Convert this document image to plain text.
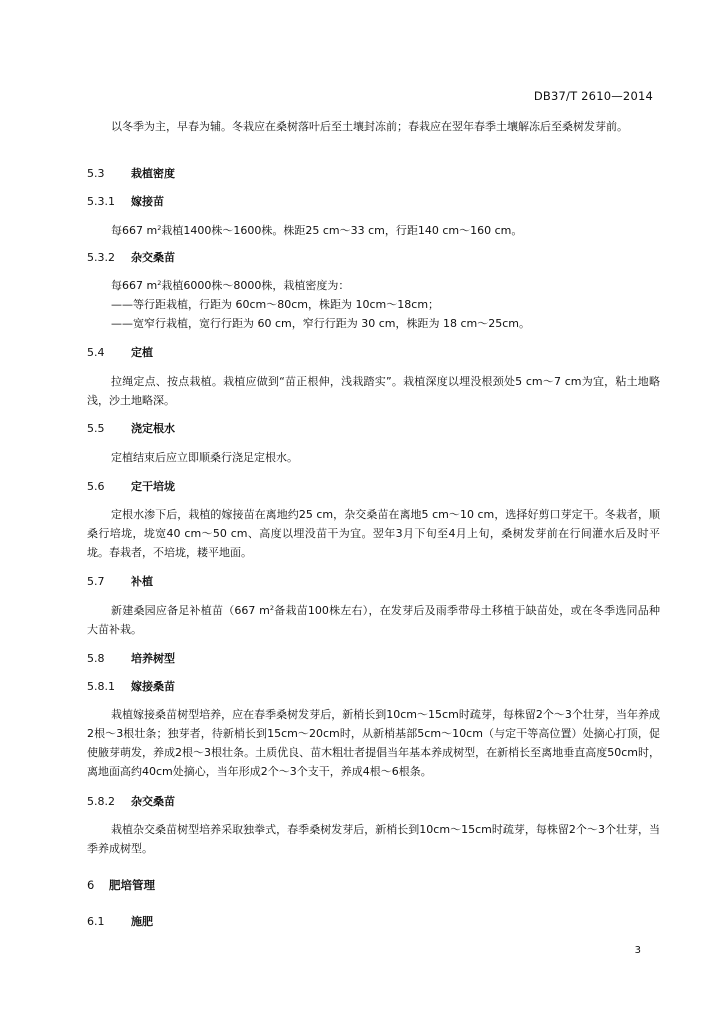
DB37/T 2610—2014

以冬季为主，早春为辅。冬栽应在桑树落叶后至土壤封冻前；春栽应在翌年春季土壤解冻后至桑树发芽前。

5.3 栽植密度

5.3.1 嫁接苗

每667 $m^2$栽植1400株～1600株。株距25 cm～33 cm，行距140 cm～160 cm。

5.3.2 杂交桑苗

每667 $m^2$栽植6000株～8000株，栽植密度为：

——等行距栽植，行距为 60cm～80cm，株距为 10cm～18cm；
——宽窄行栽植，宽行行距为 60 cm，窄行行距为 30 cm，株距为 18 cm～25cm。

5.4 定植

拉绳定点、按点栽植。栽植应做到“苗正根伸，浅栽踏实”。栽植深度以埋没根颈处5 cm～7 cm为宜，粘土地略浅，沙土地略深。

5.5 浇定根水

定植结束后应立即顺桑行浇足定根水。

5.6 定干培垅

定根水渗下后，栽植的嫁接苗在离地约25 cm，杂交桑苗在离地5 cm～10 cm，选择好剪口芽定干。冬栽者，顺桑行培垅，垅宽40 cm～50 cm、高度以埋没苗干为宜。翌年3月下旬至4月上旬，桑树发芽前在行间灌水后及时平垅。春栽者，不培垅，耧平地面。

5.7 补植

新建桑园应备足补植苗（667 $m^2$备栽苗100株左右），在发芽后及雨季带母土移植于缺苗处，或在冬季选同品种大苗补栽。

5.8 培养树型

5.8.1 嫁接桑苗

栽植嫁接桑苗树型培养，应在春季桑树发芽后，新梢长到10cm～15cm时疏芽，每株留2个～3个壮芽，当年养成2根～3根壮条；独芽者，待新梢长到15cm～20cm时，从新梢基部5cm～10cm（与定干等高位置）处摘心打顶，促使腋芽萌发，养成2根～3根壮条。土质优良、苗木粗壮者提倡当年基本养成树型，在新梢长至离地垂直高度50cm时，离地面高约40cm处摘心，当年形成2个～3个支干，养成4根～6根条。

5.8.2 杂交桑苗

栽植杂交桑苗树型培养采取独拳式，春季桑树发芽后，新梢长到10cm～15cm时疏芽，每株留2个～3个壮芽，当季养成树型。

6 肥培管理

6.1 施肥

3
